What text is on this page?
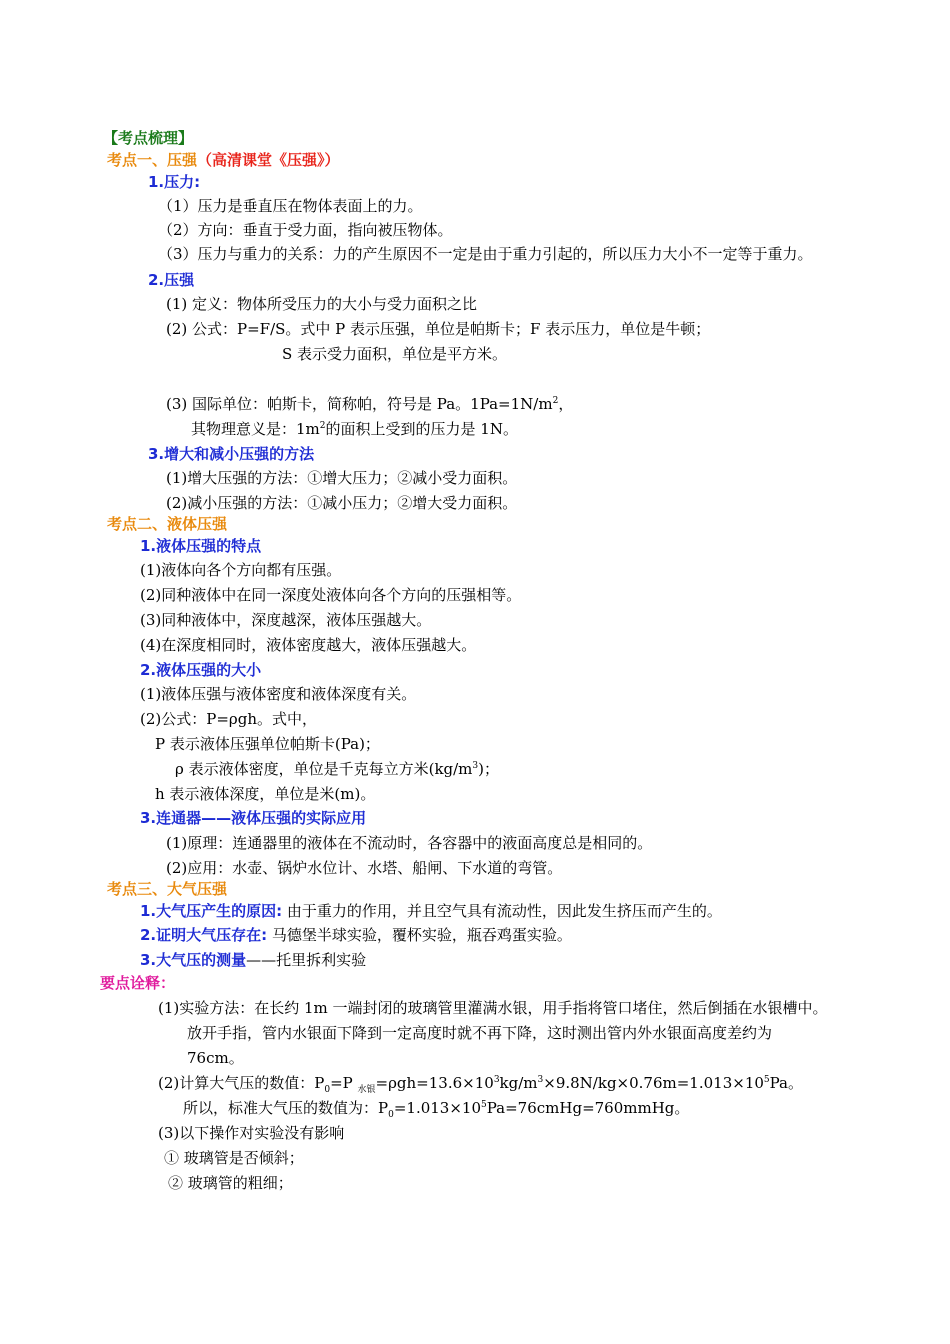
【考点梳理】
考点一、压强（高清课堂《压强》）
1.压力:
（1）压力是垂直压在物体表面上的力。
（2）方向：垂直于受力面，指向被压物体。
（3）压力与重力的关系：力的产生原因不一定是由于重力引起的，所以压力大小不一定等于重力。
2.压强
(1) 定义：物体所受压力的大小与受力面积之比
(2) 公式：P=F/S。式中 P 表示压强，单位是帕斯卡；F 表示压力，单位是牛顿；
S 表示受力面积，单位是平方米。
(3) 国际单位：帕斯卡，简称帕，符号是 Pa。$1Pa=1N/m^2$，
其物理意义是：$1m^2$的面积上受到的压力是 1N。
3.增大和减小压强的方法
(1)增大压强的方法：①增大压力；②减小受力面积。
(2)减小压强的方法：①减小压力；②增大受力面积。
考点二、液体压强
1.液体压强的特点
(1)液体向各个方向都有压强。
(2)同种液体中在同一深度处液体向各个方向的压强相等。
(3)同种液体中，深度越深，液体压强越大。
(4)在深度相同时，液体密度越大，液体压强越大。
2.液体压强的大小
(1)液体压强与液体密度和液体深度有关。
(2)公式：P=ρgh。式中，
P 表示液体压强单位帕斯卡(Pa)；
ρ 表示液体密度，单位是千克每立方米$(kg/m^3)$；
h 表示液体深度，单位是米(m)。
3.连通器——液体压强的实际应用
(1)原理：连通器里的液体在不流动时，各容器中的液面高度总是相同的。
(2)应用：水壶、锅炉水位计、水塔、船闸、下水道的弯管。
考点三、大气压强
1.大气压产生的原因: 由于重力的作用，并且空气具有流动性，因此发生挤压而产生的。
2.证明大气压存在: 马德堡半球实验，覆杯实验，瓶吞鸡蛋实验。
3.大气压的测量——托里拆利实验
要点诠释：
(1)实验方法：在长约 1m 一端封闭的玻璃管里灌满水银，用手指将管口堵住，然后倒插在水银槽中。
放开手指，管内水银面下降到一定高度时就不再下降，这时测出管内外水银面高度差约为
76cm。
(2)计算大气压的数值：$P_0=P$ $_{水银}=\rho gh=13.6\times 10^3kg/m^3\times 9.8N/kg\times 0.76m=1.013\times 10^5Pa$。
所以，标准大气压的数值为：$P_0=1.013\times 10^5Pa=76cmHg=760mmHg$。
(3)以下操作对实验没有影响
① 玻璃管是否倾斜；
② 玻璃管的粗细；
